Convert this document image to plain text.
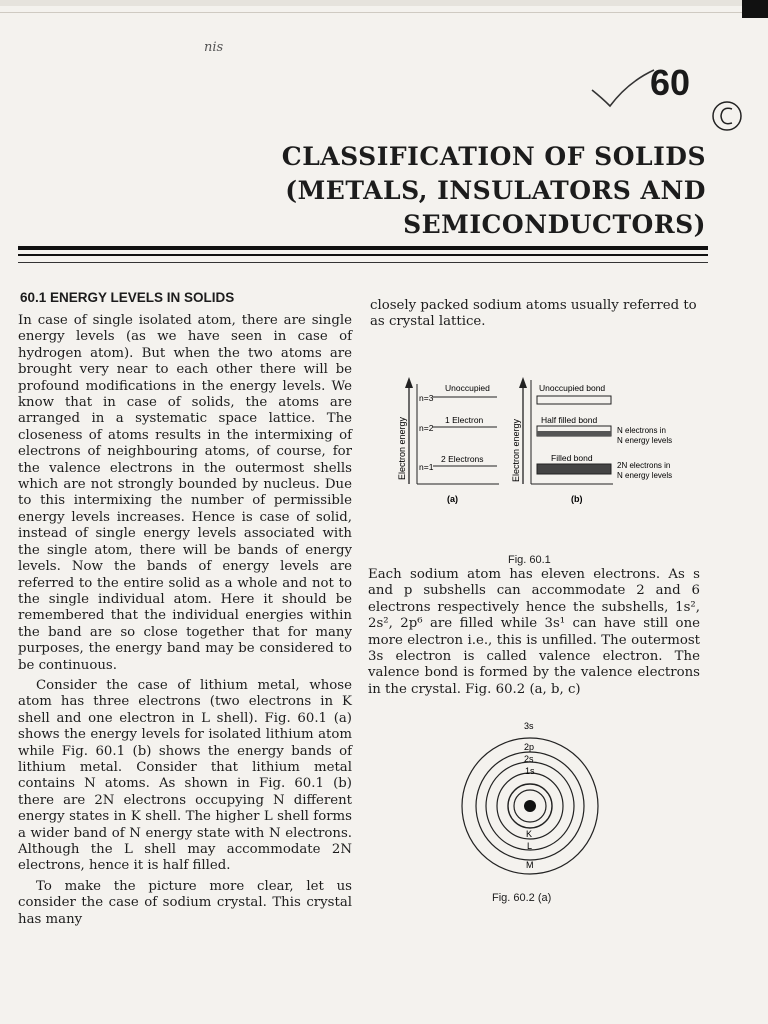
nis
60
CLASSIFICATION OF SOLIDS
(METALS, INSULATORS AND
SEMICONDUCTORS)
60.1 ENERGY LEVELS IN SOLIDS

In case of single isolated atom, there are single energy levels (as we have seen in case of hydrogen atom). But when the two atoms are brought very near to each other there will be profound modifications in the energy levels. We know that in case of solids, the atoms are arranged in a systematic space lattice. The closeness of atoms results in the intermixing of electrons of neighbouring atoms, of course, for the valence electrons in the outermost shells which are not strongly bounded by nucleus. Due to this intermixing the number of permissible energy levels increases. Hence is case of solid, instead of single energy levels associated with the single atom, there will be bands of energy levels. Now the bands of energy levels are referred to the entire solid as a whole and not to the single individual atom. Here it should be remembered that the individual energies within the band are so close together that for many purposes, the energy band may be considered to be continuous.

Consider the case of lithium metal, whose atom has three electrons (two electrons in K shell and one electron in L shell). Fig. 60.1 (a) shows the energy levels for isolated lithium atom while Fig. 60.1 (b) shows the energy bands of lithium metal. Consider that lithium metal contains N atoms. As shown in Fig. 60.1 (b) there are 2N electrons occupying N different energy states in K shell. The higher L shell forms a wider band of N energy state with N electrons. Although the L shell may accommodate 2N electrons, hence it is half filled.

To make the picture more clear, let us consider the case of sodium crystal. This crystal has many

closely packed sodium atoms usually referred to as crystal lattice.
Electron energy
n=3
n=2
n=1
Unoccupied
1 Electron
2 Electrons
(a)
Electron energy
Unoccupied bond
Half filled bond
Filled bond
N electrons in
N energy levels
2N electrons in
N energy levels
(b)
Fig. 60.1

Each sodium atom has eleven electrons. As s and p subshells can accommodate 2 and 6 electrons respectively hence the subshells, 1s², 2s², 2p⁶ are filled while 3s¹ can have still one more electron i.e., this is unfilled. The outermost 3s electron is called valence electron. The valence bond is formed by the valence electrons in the crystal. Fig. 60.2 (a, b, c)

3s
2p
2s
1s
K
L
M
Fig. 60.2 (a)
